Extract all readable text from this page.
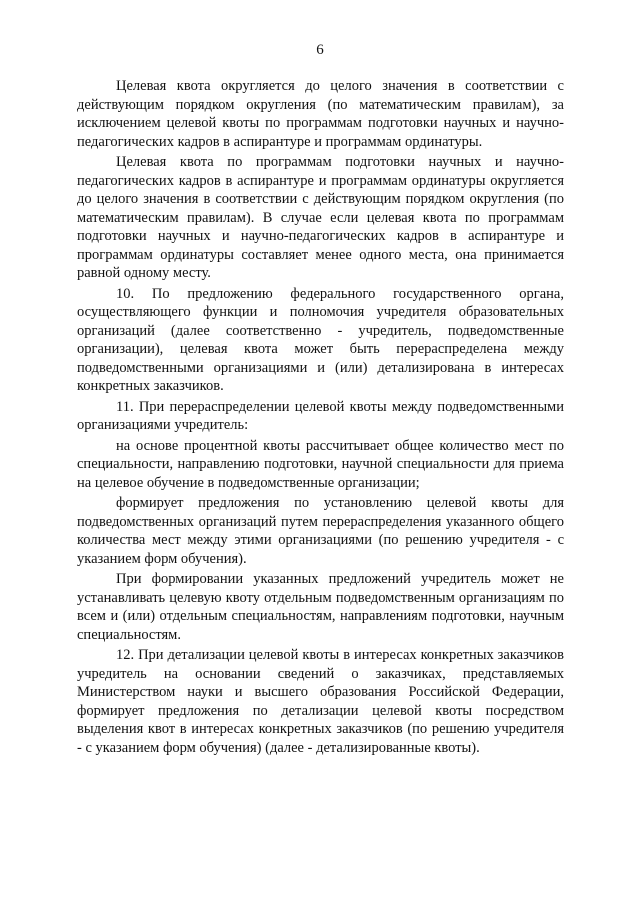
6

Целевая квота округляется до целого значения в соответствии с действующим порядком округления (по математическим правилам), за исключением целевой квоты по программам подготовки научных и научно-педагогических кадров в аспирантуре и программам ординатуры.

Целевая квота по программам подготовки научных и научно-педагогических кадров в аспирантуре и программам ординатуры округляется до целого значения в соответствии с действующим порядком округления (по математическим правилам). В случае если целевая квота по программам подготовки научных и научно-педагогических кадров в аспирантуре и программам ординатуры составляет менее одного места, она принимается равной одному месту.

10. По предложению федерального государственного органа, осуществляющего функции и полномочия учредителя образовательных организаций (далее соответственно - учредитель, подведомственные организации), целевая квота может быть перераспределена между подведомственными организациями и (или) детализирована в интересах конкретных заказчиков.

11. При перераспределении целевой квоты между подведомственными организациями учредитель:

на основе процентной квоты рассчитывает общее количество мест по специальности, направлению подготовки, научной специальности для приема на целевое обучение в подведомственные организации;

формирует предложения по установлению целевой квоты для подведомственных организаций путем перераспределения указанного общего количества мест между этими организациями (по решению учредителя - с указанием форм обучения).

При формировании указанных предложений учредитель может не устанавливать целевую квоту отдельным подведомственным организациям по всем и (или) отдельным специальностям, направлениям подготовки, научным специальностям.

12. При детализации целевой квоты в интересах конкретных заказчиков учредитель на основании сведений о заказчиках, представляемых Министерством науки и высшего образования Российской Федерации, формирует предложения по детализации целевой квоты посредством выделения квот в интересах конкретных заказчиков (по решению учредителя - с указанием форм обучения) (далее - детализированные квоты).
